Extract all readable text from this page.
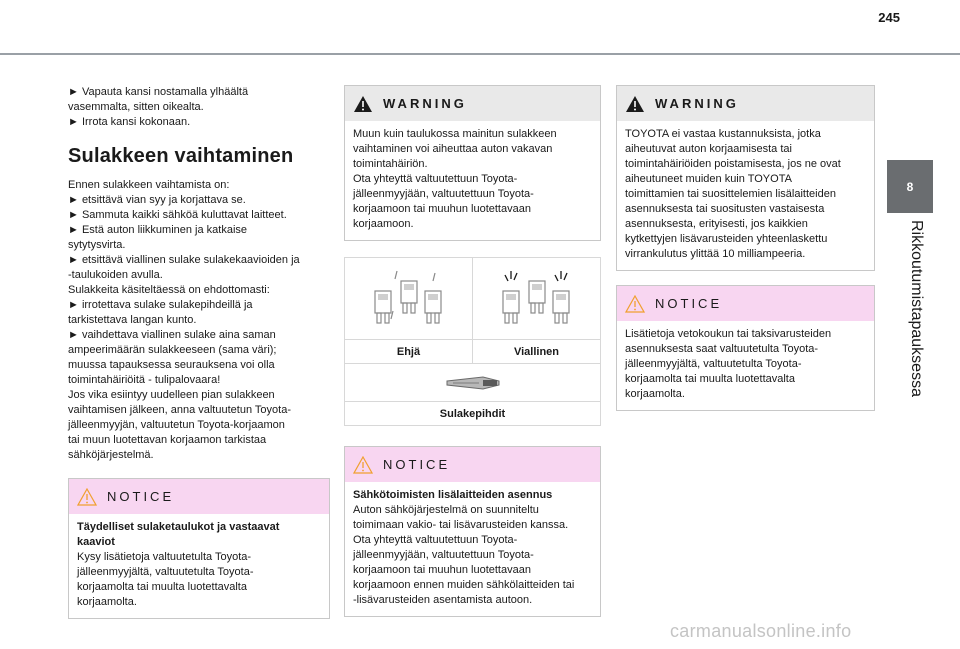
245
8
Rikkoutumistapauksessa

► Vapauta kansi nostamalla ylhäältä

vasemmalta, sitten oikealta.

► Irrota kansi kokonaan.

Sulakkeen vaihtaminen

Ennen sulakkeen vaihtamista on:

► etsittävä vian syy ja korjattava se.

► Sammuta kaikki sähköä kuluttavat laitteet.

► Estä auton liikkuminen ja katkaise

sytytysvirta.

► etsittävä viallinen sulake sulakekaavioiden ja

-taulukoiden avulla.

Sulakkeita käsiteltäessä on ehdottomasti:

► irrotettava sulake sulakepihdeillä ja

tarkistettava langan kunto.

► vaihdettava viallinen sulake aina saman

ampeerimäärän sulakkeeseen (sama väri);

muussa tapauksessa seurauksena voi olla

toimintahäiriöitä - tulipalovaara!

Jos vika esiintyy uudelleen pian sulakkeen

vaihtamisen jälkeen, anna valtuutetun Toyota-

jälleenmyyjän, valtuutetun Toyota-korjaamon

tai muun luotettavan korjaamon tarkistaa

sähköjärjestelmä.

NOTICE

Täydelliset sulaketaulukot ja vastaavat

kaaviot

Kysy lisätietoja valtuutetulta Toyota-

jälleenmyyjältä, valtuutetulta Toyota-

korjaamolta tai muulta luotettavalta

korjaamolta.

WARNING

Muun kuin taulukossa mainitun sulakkeen

vaihtaminen voi aiheuttaa auton vakavan

toimintahäiriön.

Ota yhteyttä valtuutettuun Toyota-

jälleenmyyjään, valtuutettuun Toyota-

korjaamoon tai muuhun luotettavaan

korjaamoon.

Ehjä	Viallinen
Sulakepihdit
NOTICE

Sähkötoimisten lisälaitteiden asennus

Auton sähköjärjestelmä on suunniteltu

toimimaan vakio- tai lisävarusteiden kanssa.

Ota yhteyttä valtuutettuun Toyota-

jälleenmyyjään, valtuutettuun Toyota-

korjaamoon tai muuhun luotettavaan

korjaamoon ennen muiden sähkölaitteiden tai

-lisävarusteiden asentamista autoon.

WARNING

TOYOTA ei vastaa kustannuksista, jotka

aiheutuvat auton korjaamisesta tai

toimintahäiriöiden poistamisesta, jos ne ovat

aiheutuneet muiden kuin TOYOTA

toimittamien tai suosittelemien lisälaitteiden

asennuksesta tai suositusten vastaisesta

asennuksesta, erityisesti, jos kaikkien

kytkettyjen lisävarusteiden yhteenlaskettu

virrankulutus ylittää 10 milliampeeria.

NOTICE

Lisätietoja vetokoukun tai taksivarusteiden

asennuksesta saat valtuutetulta Toyota-

jälleenmyyjältä, valtuutetulta Toyota-

korjaamolta tai muulta luotettavalta

korjaamolta.

carmanualsonline.info
